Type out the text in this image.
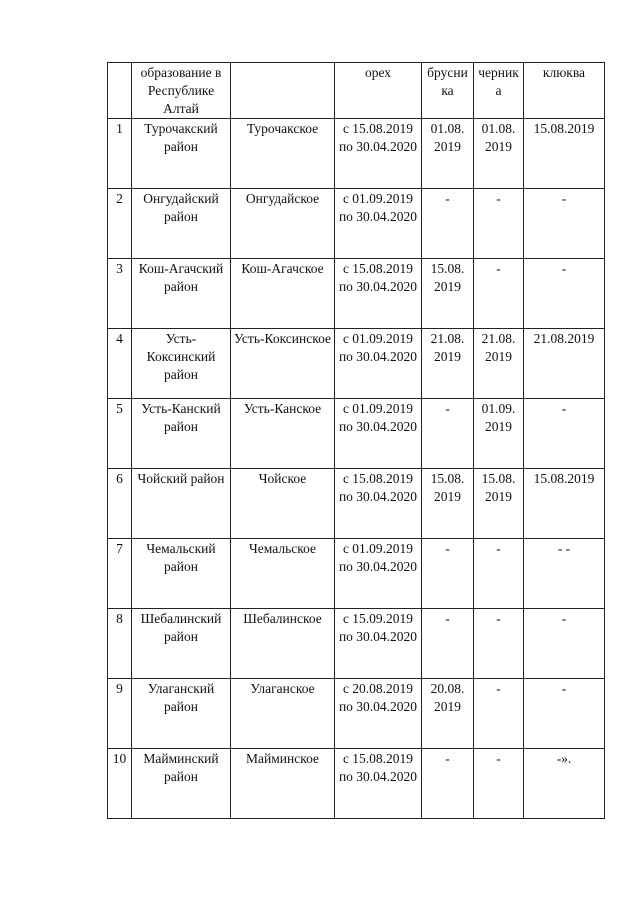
	образование в Республике Алтай		орех	брусника	черника	клюква
1	Турочакский район	Турочакское	с 15.08.2019 по 30.04.2020	01.08. 2019	01.08. 2019	15.08.2019
2	Онгудайский район	Онгудайское	с 01.09.2019 по 30.04.2020	-	-	-
3	Кош-Агачский район	Кош-Агачское	с 15.08.2019 по 30.04.2020	15.08. 2019	-	-
4	Усть-Коксинский район	Усть-Коксинское	с 01.09.2019 по 30.04.2020	21.08. 2019	21.08. 2019	21.08.2019
5	Усть-Канский район	Усть-Канское	с 01.09.2019 по 30.04.2020	-	01.09. 2019	-
6	Чойский район	Чойское	с 15.08.2019 по 30.04.2020	15.08. 2019	15.08. 2019	15.08.2019
7	Чемальский район	Чемальское	с 01.09.2019 по 30.04.2020	-	-	- -
8	Шебалинский район	Шебалинское	с 15.09.2019 по 30.04.2020	-	-	-
9	Улаганский район	Улаганское	с 20.08.2019 по 30.04.2020	20.08. 2019	-	-
10	Майминский район	Майминское	с 15.08.2019 по 30.04.2020	-	-	-».
